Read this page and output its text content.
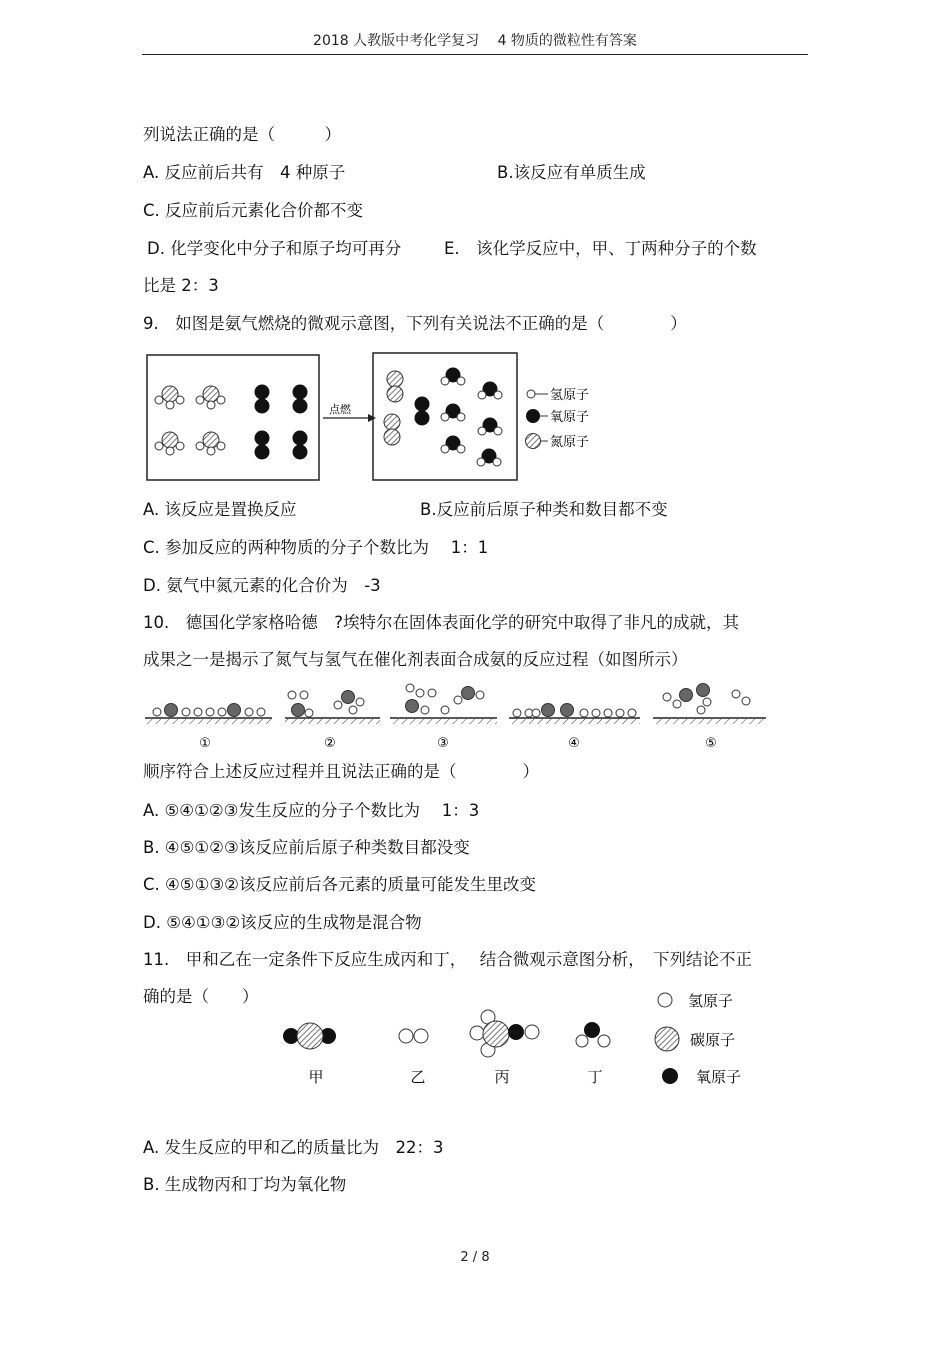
2018 人教版中考化学复习　 4 物质的微粒性有答案
列说法正确的是（　　　）
A. 反应前后共有　4 种原子	B.该反应有单质生成
C. 反应前后元素化合价都不变
D. 化学变化中分子和原子均可再分	E.　该化学反应中，甲、丁两种分子的个数
比是 2：3
9.　如图是氨气燃烧的微观示意图，下列有关说法不正确的是（　　　　）
点燃
氢原子
氧原子
氮原子
A. 该反应是置换反应	B.反应前后原子种类和数目都不变
C. 参加反应的两种物质的分子个数比为　 1：1
D. 氨气中氮元素的化合价为　-3
10.　德国化学家格哈德　?埃特尔在固体表面化学的研究中取得了非凡的成就，其
成果之一是揭示了氮气与氢气在催化剂表面合成氨的反应过程（如图所示）
①	②	③	④	⑤
顺序符合上述反应过程并且说法正确的是（　　　　）
A. ⑤④①②③发生反应的分子个数比为　 1：3
B. ④⑤①②③该反应前后原子种类数目都没变
C. ④⑤①③②该反应前后各元素的质量可能发生里改变
D. ⑤④①③②该反应的生成物是混合物
11.　甲和乙在一定条件下反应生成丙和丁，　 结合微观示意图分析，　下列结论不正
确的是（　　）
甲	乙	丙	丁
氢原子
碳原子
氧原子
A. 发生反应的甲和乙的质量比为　22：3
B. 生成物丙和丁均为氧化物
2 / 8
